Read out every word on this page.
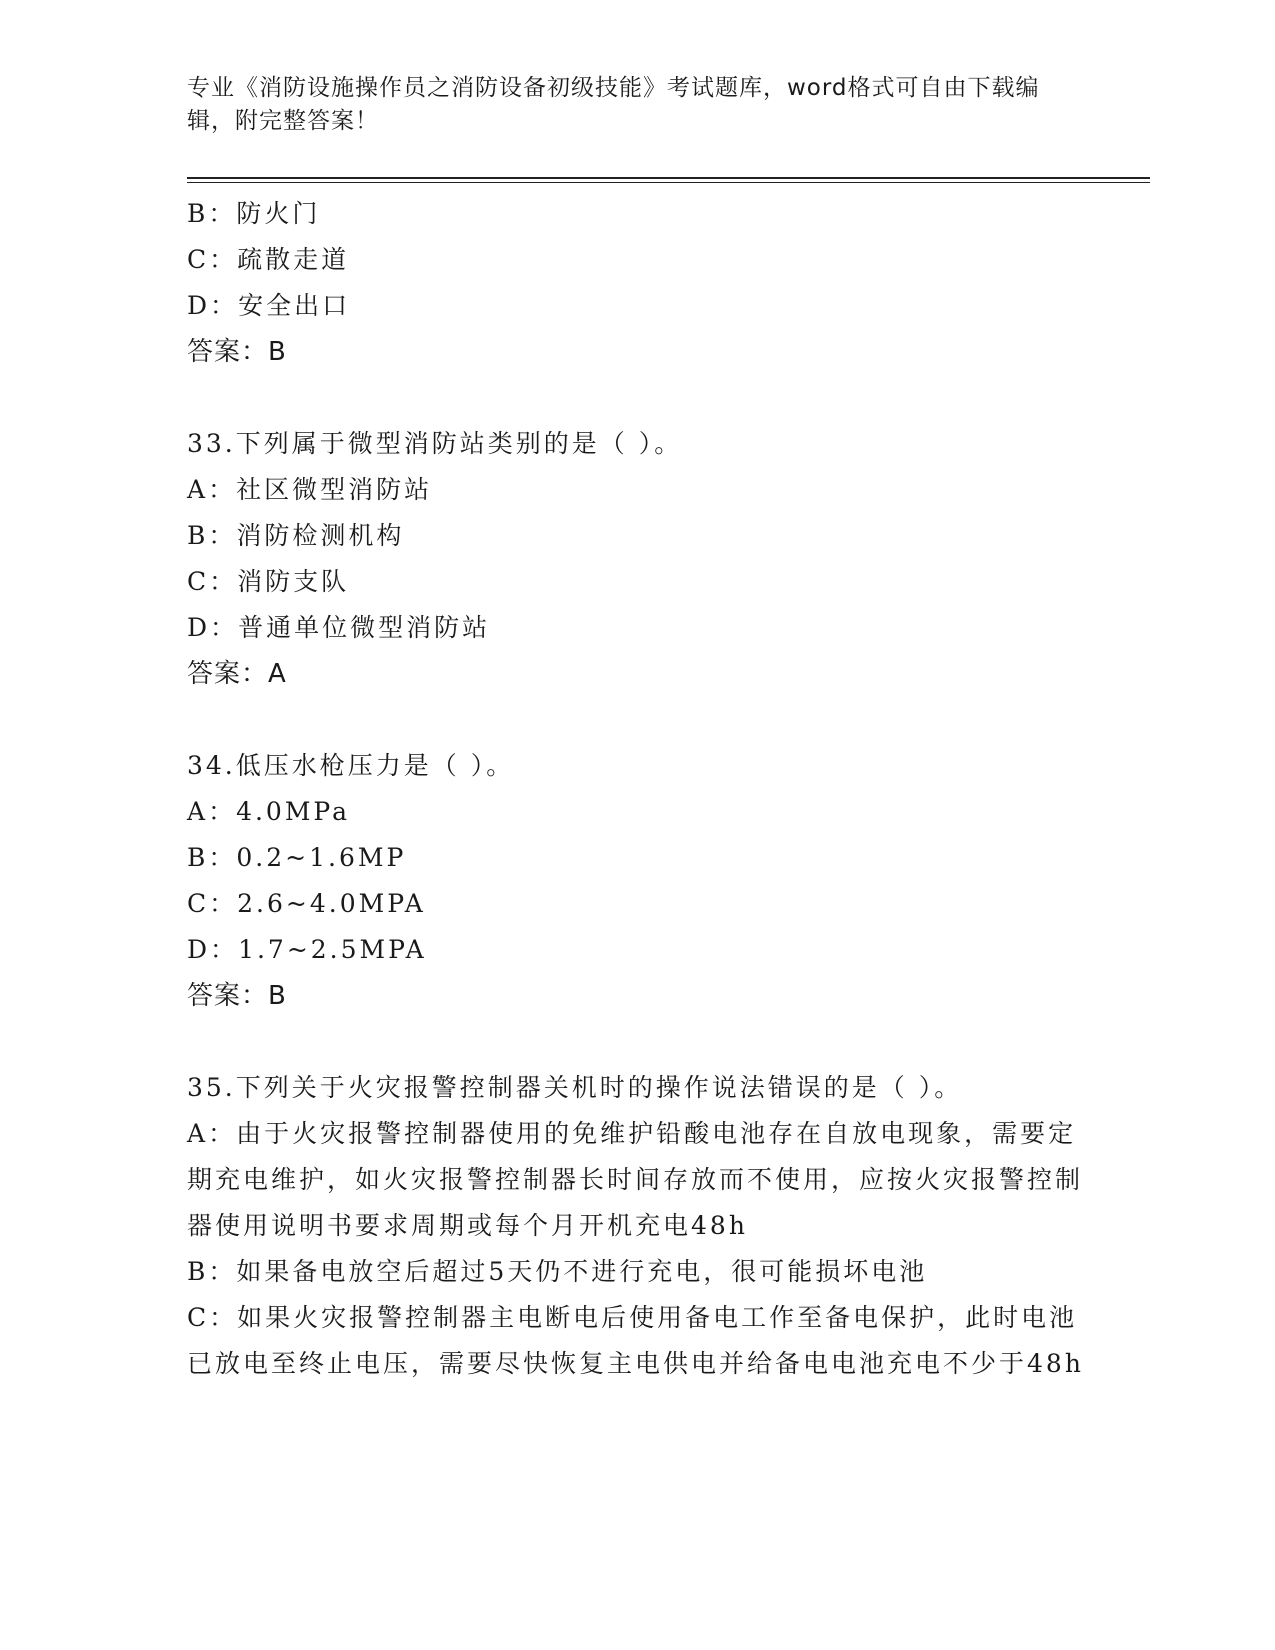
专业《消防设施操作员之消防设备初级技能》考试题库，word格式可自由下载编辑，附完整答案！
B：防火门
C：疏散走道
D：安全出口
答案：B
33.下列属于微型消防站类别的是（ ）。
A：社区微型消防站
B：消防检测机构
C：消防支队
D：普通单位微型消防站
答案：A
34.低压水枪压力是（ ）。
A：4.0MPa
B：0.2~1.6MP
C：2.6~4.0MPA
D：1.7~2.5MPA
答案：B
35.下列关于火灾报警控制器关机时的操作说法错误的是（ ）。
A：由于火灾报警控制器使用的免维护铅酸电池存在自放电现象，需要定期充电维护，如火灾报警控制器长时间存放而不使用，应按火灾报警控制器使用说明书要求周期或每个月开机充电48h
B：如果备电放空后超过5天仍不进行充电，很可能损坏电池
C：如果火灾报警控制器主电断电后使用备电工作至备电保护，此时电池已放电至终止电压，需要尽快恢复主电供电并给备电电池充电不少于48h
